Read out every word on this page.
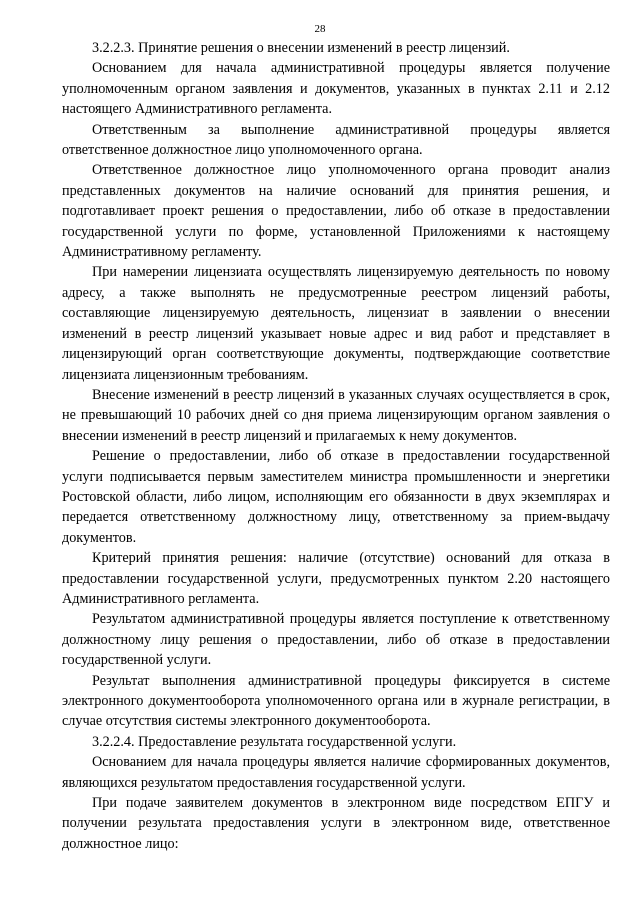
28

3.2.2.3. Принятие решения о внесении изменений в реестр лицензий.

Основанием для начала административной процедуры является получение уполномоченным органом заявления и документов, указанных в пунктах 2.11 и 2.12 настоящего Административного регламента.

Ответственным за выполнение административной процедуры является ответственное должностное лицо уполномоченного органа.

Ответственное должностное лицо уполномоченного органа проводит анализ представленных документов на наличие оснований для принятия решения, и подготавливает проект решения о предоставлении, либо об отказе в предоставлении государственной услуги по форме, установленной Приложениями к настоящему Административному регламенту.

При намерении лицензиата осуществлять лицензируемую деятельность по новому адресу, а также выполнять не предусмотренные реестром лицензий работы, составляющие лицензируемую деятельность, лицензиат в заявлении о внесении изменений в реестр лицензий указывает новые адрес и вид работ и представляет в лицензирующий орган соответствующие документы, подтверждающие соответствие лицензиата лицензионным требованиям.

Внесение изменений в реестр лицензий в указанных случаях осуществляется в срок, не превышающий 10 рабочих дней со дня приема лицензирующим органом заявления о внесении изменений в реестр лицензий и прилагаемых к нему документов.

Решение о предоставлении, либо об отказе в предоставлении государственной услуги подписывается первым заместителем министра промышленности и энергетики Ростовской области, либо лицом, исполняющим его обязанности в двух экземплярах и передается ответственному должностному лицу, ответственному за прием-выдачу документов.

Критерий принятия решения: наличие (отсутствие) оснований для отказа в предоставлении государственной услуги, предусмотренных пунктом 2.20 настоящего Административного регламента.

Результатом административной процедуры является поступление к ответственному должностному лицу решения о предоставлении, либо об отказе в предоставлении государственной услуги.

Результат выполнения административной процедуры фиксируется в системе электронного документооборота уполномоченного органа или в журнале регистрации, в случае отсутствия системы электронного документооборота.

3.2.2.4. Предоставление результата государственной услуги.

Основанием для начала процедуры является наличие сформированных документов, являющихся результатом предоставления государственной услуги.

При подаче заявителем документов в электронном виде посредством ЕПГУ и получении результата предоставления услуги в электронном виде, ответственное должностное лицо:
